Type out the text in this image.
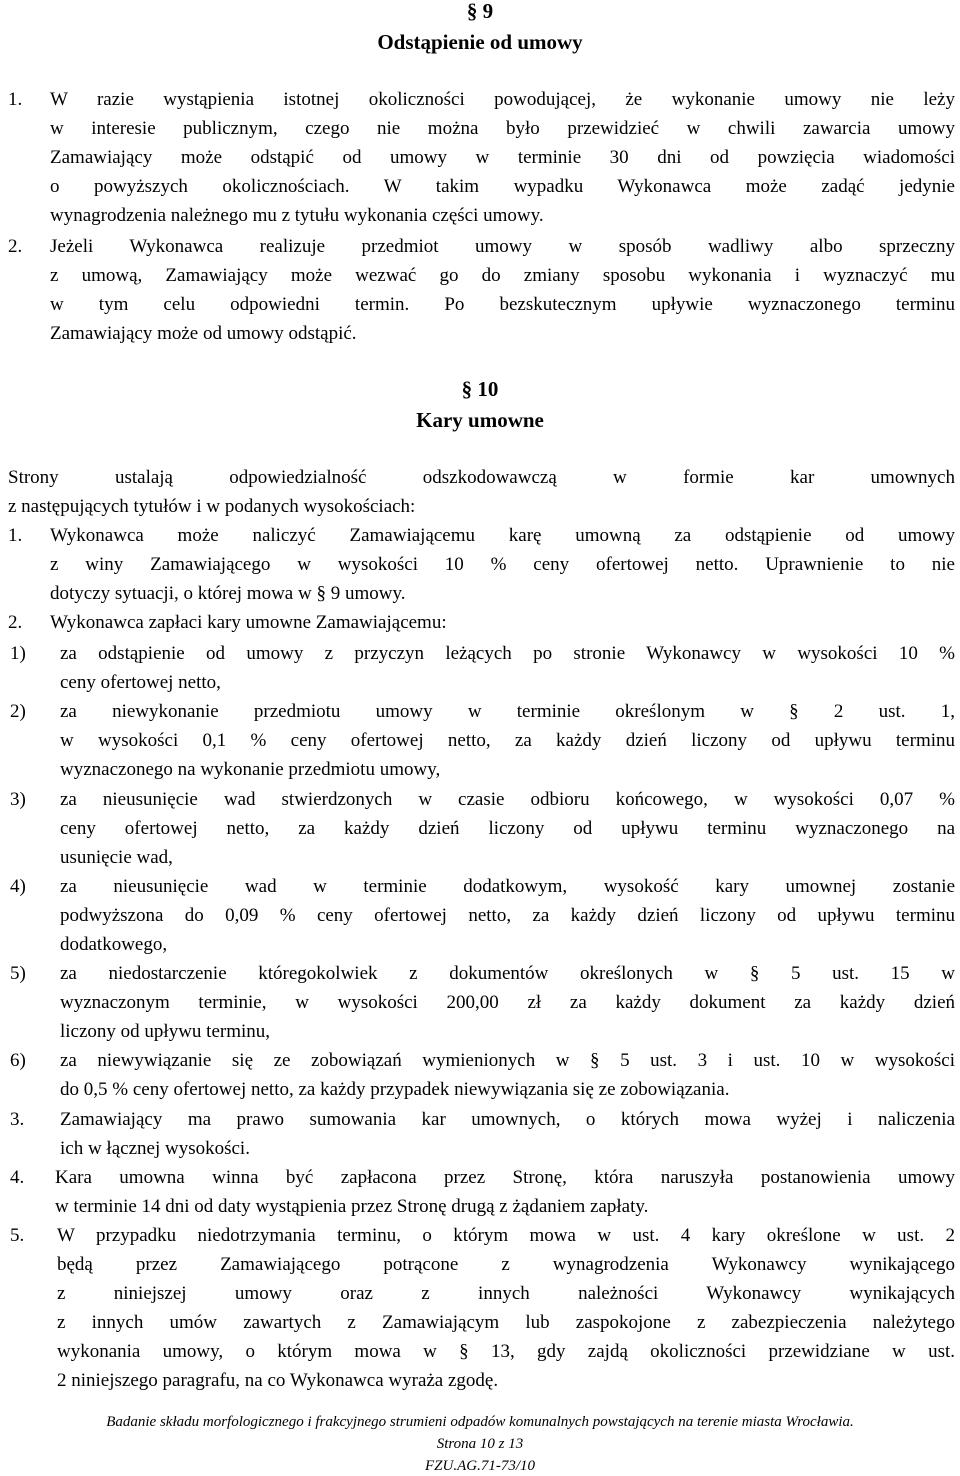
§ 9
Odstąpienie od umowy
1. W razie wystąpienia istotnej okoliczności powodującej, że wykonanie umowy nie leży
w interesie publicznym, czego nie można było przewidzieć w chwili zawarcia umowy
Zamawiający może odstąpić od umowy w terminie 30 dni od powzięcia wiadomości
o powyższych okolicznościach. W takim wypadku Wykonawca może zadąć jedynie
wynagrodzenia należnego mu z tytułu wykonania części umowy.
2. Jeżeli Wykonawca realizuje przedmiot umowy w sposób wadliwy albo sprzeczny
z umową, Zamawiający może wezwać go do zmiany sposobu wykonania i wyznaczyć mu
w tym celu odpowiedni termin. Po bezskutecznym upływie wyznaczonego terminu
Zamawiający może od umowy odstąpić.
§ 10
Kary umowne
Strony ustalają odpowiedzialność odszkodowawczą w formie kar umownych
z następujących tytułów i w podanych wysokościach:
1. Wykonawca może naliczyć Zamawiającemu karę umowną za odstąpienie od umowy
z winy Zamawiającego w wysokości 10 % ceny ofertowej netto. Uprawnienie to nie
dotyczy sytuacji, o której mowa w § 9 umowy.
2. Wykonawca zapłaci kary umowne Zamawiającemu:
1) za odstąpienie od umowy z przyczyn leżących po stronie Wykonawcy w wysokości 10 %
ceny ofertowej netto,
2) za niewykonanie przedmiotu umowy w terminie określonym w § 2 ust. 1,
w wysokości 0,1 % ceny ofertowej netto, za każdy dzień liczony od upływu terminu
wyznaczonego na wykonanie przedmiotu umowy,
3) za nieusunięcie wad stwierdzonych w czasie odbioru końcowego, w wysokości 0,07 %
ceny ofertowej netto, za każdy dzień liczony od upływu terminu wyznaczonego na
usunięcie wad,
4) za nieusunięcie wad w terminie dodatkowym, wysokość kary umownej zostanie
podwyższona do 0,09 % ceny ofertowej netto, za każdy dzień liczony od upływu terminu
dodatkowego,
5) za niedostarczenie któregokolwiek z dokumentów określonych w § 5 ust. 15 w
wyznaczonym terminie, w wysokości 200,00 zł za każdy dokument za każdy dzień
liczony od upływu terminu,
6) za niewywiązanie się ze zobowiązań wymienionych w § 5 ust. 3 i ust. 10 w wysokości
do 0,5 % ceny ofertowej netto, za każdy przypadek niewywiązania się ze zobowiązania.
3. Zamawiający ma prawo sumowania kar umownych, o których mowa wyżej i naliczenia
ich w łącznej wysokości.
4. Kara umowna winna być zapłacona przez Stronę, która naruszyła postanowienia umowy
w terminie 14 dni od daty wystąpienia przez Stronę drugą z żądaniem zapłaty.
5. W przypadku niedotrzymania terminu, o którym mowa w ust. 4 kary określone w ust. 2
będą przez Zamawiającego potrącone z wynagrodzenia Wykonawcy wynikającego
z niniejszej umowy oraz z innych należności Wykonawcy wynikających
z innych umów zawartych z Zamawiającym lub zaspokojone z zabezpieczenia należytego
wykonania umowy, o którym mowa w § 13, gdy zajdą okoliczności przewidziane w ust.
2 niniejszego paragrafu, na co Wykonawca wyraża zgodę.
Badanie składu morfologicznego i frakcyjnego strumieni odpadów komunalnych powstających na terenie miasta Wrocławia.
Strona 10 z 13
FZU.AG.71-73/10
